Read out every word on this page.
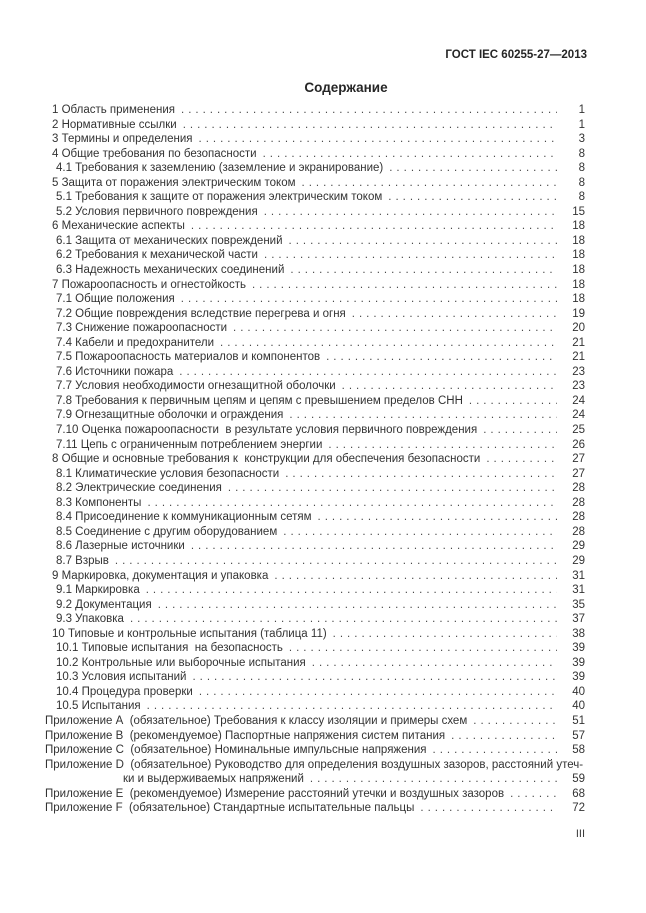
ГОСТ IEC 60255-27—2013
Содержание
1 Область применения .....	1
2 Нормативные ссылки .....	1
3 Термины и определения .....	3
4 Общие требования по безопасности .....	8
4.1 Требования к заземлению (заземление и экранирование) .....	8
5 Защита от поражения электрическим током .....	8
5.1 Требования к защите от поражения электрическим током .....	8
5.2 Условия первичного повреждения .....	15
6 Механические аспекты .....	18
6.1 Защита от механических повреждений .....	18
6.2 Требования к механической части .....	18
6.3 Надежность механических соединений .....	18
7 Пожароопасность и огнестойкость .....	18
7.1 Общие положения .....	18
7.2 Общие повреждения вследствие перегрева и огня .....	19
7.3 Снижение пожароопасности .....	20
7.4 Кабели и предохранители .....	21
7.5 Пожароопасность материалов и компонентов .....	21
7.6 Источники пожара .....	23
7.7 Условия необходимости огнезащитной оболочки .....	23
7.8 Требования к первичным цепям и цепям с превышением пределов СНН .....	24
7.9 Огнезащитные оболочки и ограждения .....	24
7.10 Оценка пожароопасности  в результате условия первичного повреждения .....	25
7.11 Цепь с ограниченным потреблением энергии .....	26
8 Общие и основные требования к  конструкции для обеспечения безопасности .....	27
8.1 Климатические условия безопасности .....	27
8.2 Электрические соединения .....	28
8.3 Компоненты .....	28
8.4 Присоединение к коммуникационным сетям .....	28
8.5 Соединение с другим оборудованием .....	28
8.6 Лазерные источники .....	29
8.7 Взрыв .....	29
9 Маркировка, документация и упаковка .....	31
9.1 Маркировка .....	31
9.2 Документация .....	35
9.3 Упаковка .....	37
10 Типовые и контрольные испытания (таблица 11) .....	38
10.1 Типовые испытания  на безопасность .....	39
10.2 Контрольные или выборочные испытания .....	39
10.3 Условия испытаний .....	39
10.4 Процедура проверки .....	40
10.5 Испытания .....	40
Приложение А  (обязательное) Требования к классу изоляции и примеры схем .....	51
Приложение В  (рекомендуемое) Паспортные напряжения систем питания .....	57
Приложение С  (обязательное) Номинальные импульсные напряжения .....	58
Приложение D  (обязательное) Руководство для определения воздушных зазоров, расстояний утеч-
ки и выдерживаемых напряжений .....	59
Приложение Е  (рекомендуемое) Измерение расстояний утечки и воздушных зазоров .....	68
Приложение F  (обязательное) Стандартные испытательные пальцы .....	72
III
